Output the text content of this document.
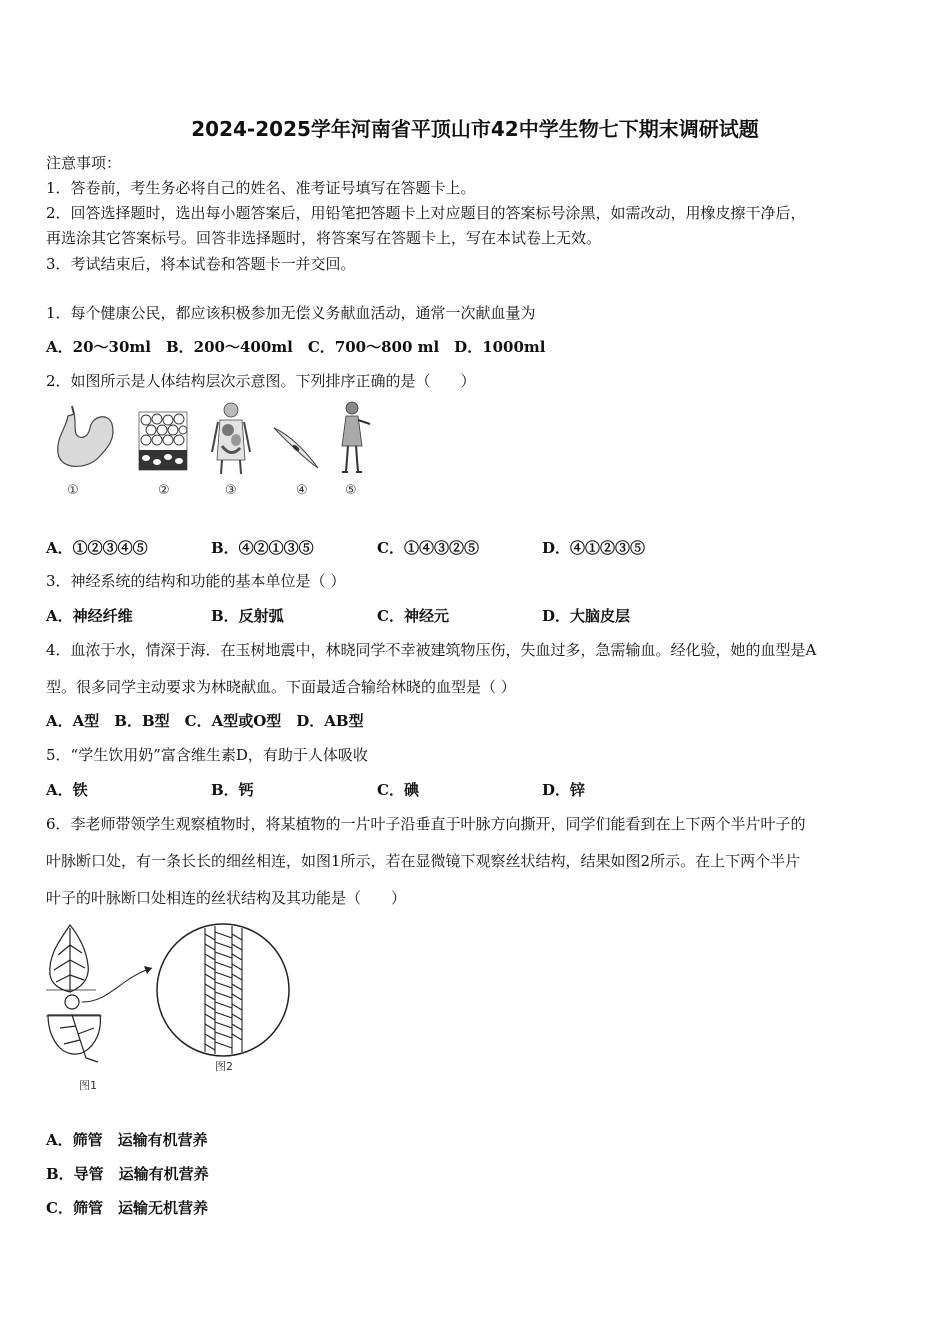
2024-2025学年河南省平顶山市42中学生物七下期末调研试题
注意事项：
1．答卷前，考生务必将自己的姓名、准考证号填写在答题卡上。
2．回答选择题时，选出每小题答案后，用铅笔把答题卡上对应题目的答案标号涂黑，如需改动，用橡皮擦干净后，
再选涂其它答案标号。回答非选择题时，将答案写在答题卡上，写在本试卷上无效。
3．考试结束后，将本试卷和答题卡一并交回。
1．每个健康公民，都应该积极参加无偿义务献血活动，通常一次献血量为
A．20～30ml　B．200～400ml　C．700～800 ml　D．1000ml
2．如图所示是人体结构层次示意图。下列排序正确的是（　　）
①	②	③	④	⑤
A．①②③④⑤	B．④②①③⑤	C．①④③②⑤	D．④①②③⑤
3．神经系统的结构和功能的基本单位是（ ）
A．神经纤维	B．反射弧	C．神经元	D．大脑皮层
4．血浓于水，情深于海．在玉树地震中，林晓同学不幸被建筑物压伤，失血过多，急需输血。经化验，她的血型是A
型。很多同学主动要求为林晓献血。下面最适合输给林晓的血型是（ ）
A．A型　B．B型　C．A型或O型　D．AB型
5．“学生饮用奶”富含维生素D，有助于人体吸收
A．铁	B．钙	C．碘	D．锌
6．李老师带领学生观察植物时，将某植物的一片叶子沿垂直于叶脉方向撕开，同学们能看到在上下两个半片叶子的
叶脉断口处，有一条长长的细丝相连，如图1所示，若在显微镜下观察丝状结构，结果如图2所示。在上下两个半片
叶子的叶脉断口处相连的丝状结构及其功能是（　　）
图1
图2
A．筛管　运输有机营养
B．导管　运输有机营养
C．筛管　运输无机营养
